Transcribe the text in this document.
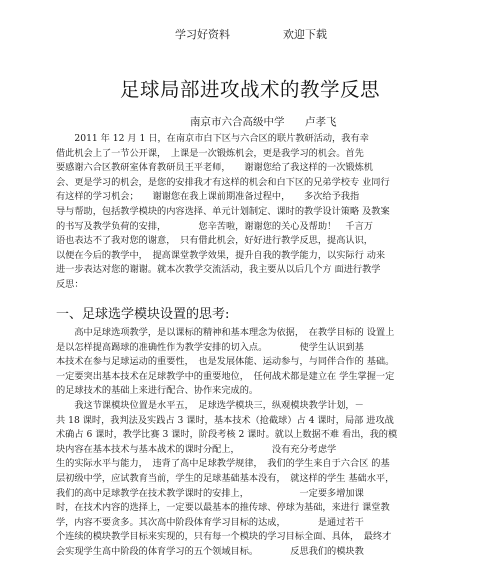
学习好资料	欢迎下载
足球局部进攻战术的教学反思
南京市六合高级中学 卢孝飞
　　2011 年 12 月 1 日，在南京市白下区与六合区的联片教研活动，我有幸
借此机会上了一节公开课，　上课是一次锻炼机会，更是我学习的机会。首先
要感谢六合区教研室体育教研员王平老师，　　谢谢您给了我这样的一次锻炼机
会、更是学习的机会，是您的安排我才有这样的机会和白下区的兄弟学校专 业同行
有这样的学习机会；　　谢谢您在我上课前期准备过程中，　　多次给予我指
导与帮助，包括教学模块的内容选择、单元计划制定、课时的教学设计策略 及教案
的书写及教学负荷的安排，　　　　您辛苦啦，谢谢您的关心及帮助！　千言万
语也表达不了我对您的谢意，　只有借此机会，好好进行教学反思，提高认识，
以便在今后的教学中，　提高课堂教学效果，提升自我的教学能力，以实际行 动来
进一步表达对您的谢谢。就本次教学交流活动，我主要从以后几个方 面进行教学
反思：
一、足球选学模块设置的思考:
　　高中足球选项教学，是以课标的精神和基本理念为依据，　在教学目标的 设置上
是以怎样提高踢球的准确性作为教学安排的切入点。　　　　使学生认识到基
本技术在参与足球运动的重要性，　也是发展体能、运动参与，与同伴合作的 基础。
一定要突出基本技术在足球教学中的重要地位，　任何战术都是建立在 学生掌握一定
的足球技术的基础上来进行配合、协作来完成的。
　　我这节课模块位置是水平五，　足球选学模块三，纵观模块教学计划，－
共 18 课时，我判法及实践占 3 课时，基本技术（抢截球）占 4 课时，局部 进攻战
术确占 6 课时，教学比赛 3 课时，阶段考核 2 课时。就以上数据不难 看出，我的模
块内容在基本技术与基本战术的课时分配上，　　　　没有充分考虑学
生的实际水平与能力，　违背了高中足球教学规律，　我们的学生来自于六合区 的基
层初级中学，应试教育当前，学生的足球基础基本没有，　就这样的学生 基础水平，
我们的高中足球教学在技术教学课时的安排上，　　　　　　一定要多增加课
时，在技术内容的选择上，一定要以最基本的推传球、停球为基础，来进行 课堂教
学，内容不要贪多。其次高中阶段体育学习目标的达成，　　　　是通过若干
个连续的模块教学目标来实现的，只有每一个模块的学习目标全面、具体，　最终才
会实现学生高中阶段的体育学习的五个领域目标。　　　　反思我们的模块教
